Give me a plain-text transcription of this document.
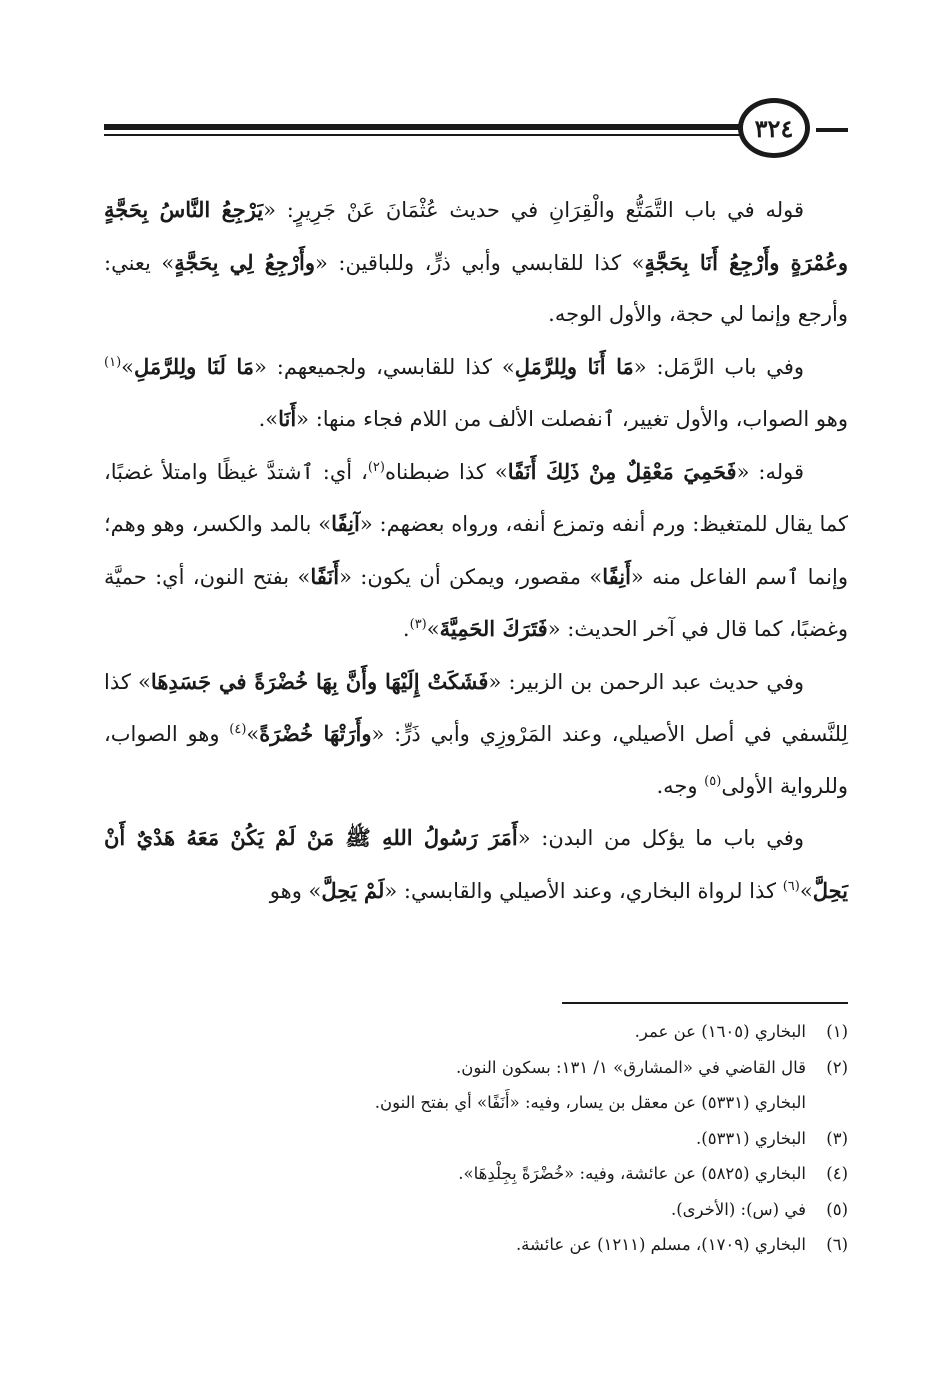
٣٢٤

قوله في باب التَّمَتُّع والْقِرَانِ في حديث عُثْمَانَ عَنْ جَرِيرٍ: «يَرْجِعُ النَّاسُ بِحَجَّةٍ وعُمْرَةٍ وأَرْجِعُ أَنَا بِحَجَّةٍ» كذا للقابسي وأبي ذرٍّ، وللباقين: «وأَرْجِعُ لِي بِحَجَّةٍ» يعني: وأرجع وإنما لي حجة، والأول الوجه.

وفي باب الرَّمَل: «مَا أَنَا ولِلرَّمَلِ» كذا للقابسي، ولجميعهم: «مَا لَنَا ولِلرَّمَلِ»$^{(١)}$ وهو الصواب، والأول تغيير، ٱنفصلت الألف من اللام فجاء منها: «أَنَا».

قوله: «فَحَمِيَ مَعْقِلٌ مِنْ ذَلِكَ أَنَفًا» كذا ضبطناه$^{(٢)}$، أي: ٱشتدَّ غيظًا وامتلأ غضبًا، كما يقال للمتغيظ: ورم أنفه وتمزع أنفه، ورواه بعضهم: «آنِفًا» بالمد والكسر، وهو وهم؛ وإنما ٱسم الفاعل منه «أَنِفًا» مقصور، ويمكن أن يكون: «أَنَفًا» بفتح النون، أي: حميَّة وغضبًا، كما قال في آخر الحديث: «فَتَرَكَ الحَمِيَّةَ»$^{(٣)}$.

وفي حديث عبد الرحمن بن الزبير: «فَشَكَتْ إِلَيْهَا وأَنَّ بِهَا خُضْرَةً في جَسَدِهَا» كذا لِلنَّسفي في أصل الأصيلي، وعند المَرْوزِي وأبي ذَرٍّ: «وأَرَتْهَا خُضْرَةً»$^{(٤)}$ وهو الصواب، وللرواية الأولى$^{(٥)}$ وجه.

وفي باب ما يؤكل من البدن: «أَمَرَ رَسُولُ اللهِ ﷺ مَنْ لَمْ يَكُنْ مَعَهُ هَدْيٌ أَنْ يَحِلَّ»$^{(٦)}$ كذا لرواة البخاري، وعند الأصيلي والقابسي: «لَمْ يَحِلَّ» وهو

(١)
البخاري (١٦٠٥) عن عمر.
(٢)
قال القاضي في «المشارق» ١/ ١٣١: بسكون النون.
البخاري (٥٣٣١) عن معقل بن يسار، وفيه: «أَنَفًا» أي بفتح النون.
(٣)
البخاري (٥٣٣١).
(٤)
البخاري (٥٨٢٥) عن عائشة، وفيه: «خُضْرَةً بِجِلْدِهَا».
(٥)
في (س): (الأخرى).
(٦)
البخاري (١٧٠٩)، مسلم (١٢١١) عن عائشة.
